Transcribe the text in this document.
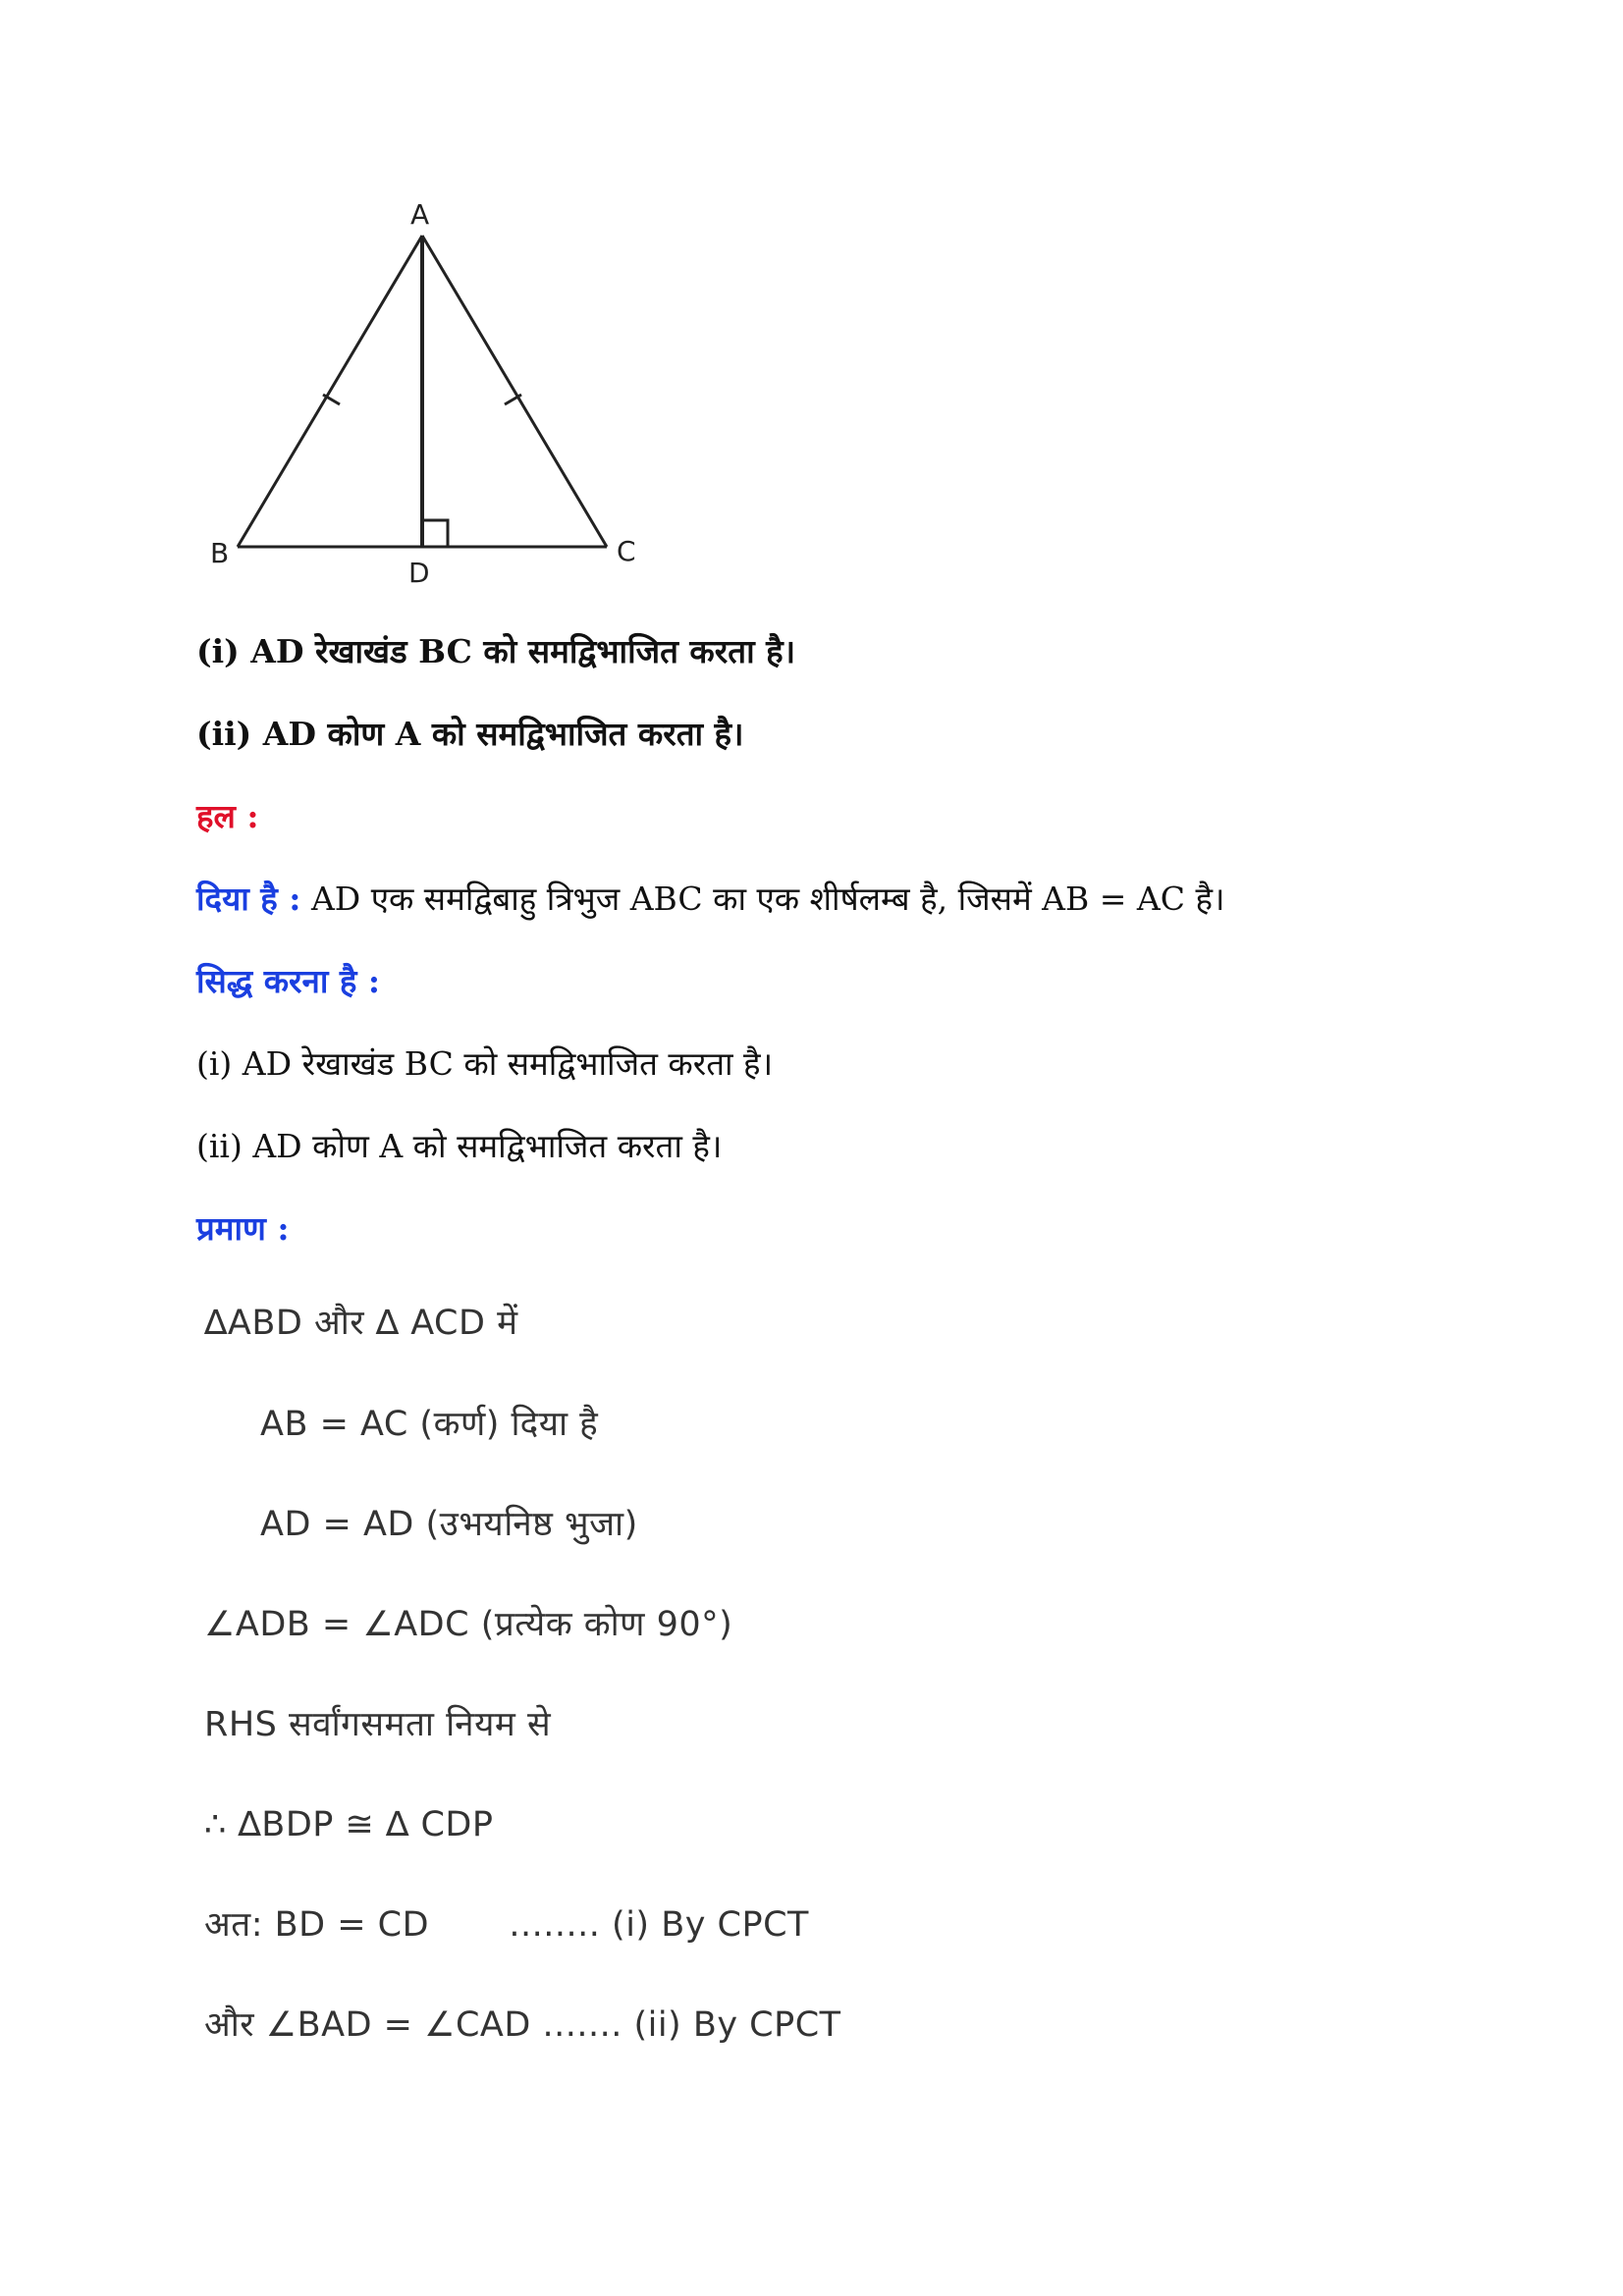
A
B	C
D
(i) AD रेखाखंड BC को समद्विभाजित करता है।
(ii) AD कोण A को समद्विभाजित करता है।
हल :
दिया है : AD एक समद्विबाहु त्रिभुज ABC का एक शीर्षलम्ब है, जिसमें AB = AC है।
सिद्ध करना है :
(i) AD रेखाखंड BC को समद्विभाजित करता है।
(ii) AD कोण A को समद्विभाजित करता है।
प्रमाण :
∆ABD और ∆ ACD में
AB = AC (कर्ण) दिया है
AD = AD (उभयनिष्ठ भुजा)
∠ADB = ∠ADC (प्रत्येक कोण 90°)
RHS सर्वांगसमता नियम से
∴ ∆BDP ≅ ∆ CDP
अत: BD = CD       ........ (i) By CPCT
और ∠BAD = ∠CAD ....... (ii) By CPCT
